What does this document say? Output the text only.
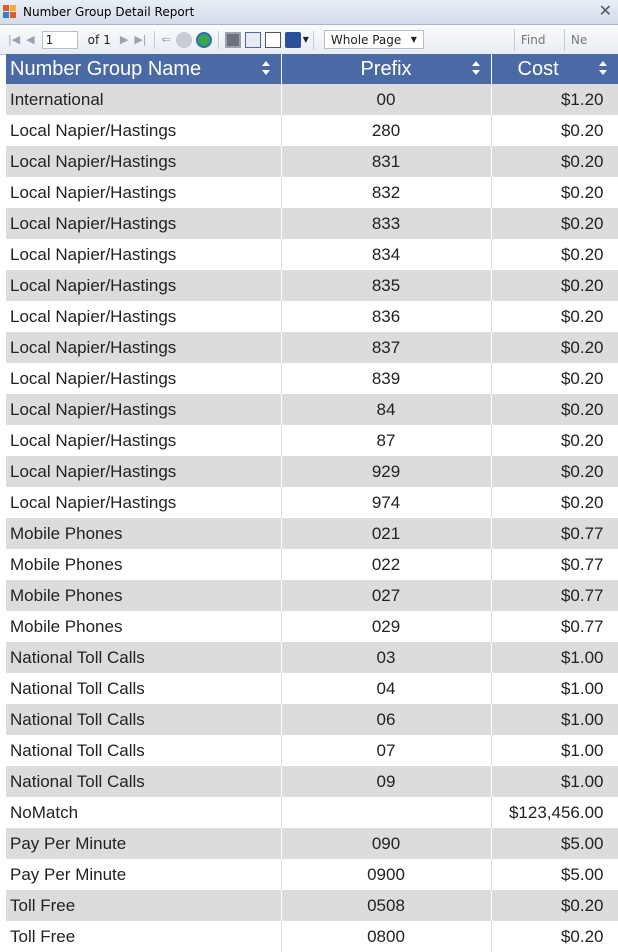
Number Group Detail Report	✕
|◀ ◀ 1	of 1 ▶ ▶| ⇐	▼ Whole Page ▼	Find	Ne
Number Group Name	Prefix	Cost

International	00	$1.20
Local Napier/Hastings	280	$0.20
Local Napier/Hastings	831	$0.20
Local Napier/Hastings	832	$0.20
Local Napier/Hastings	833	$0.20
Local Napier/Hastings	834	$0.20
Local Napier/Hastings	835	$0.20
Local Napier/Hastings	836	$0.20
Local Napier/Hastings	837	$0.20
Local Napier/Hastings	839	$0.20
Local Napier/Hastings	84	$0.20
Local Napier/Hastings	87	$0.20
Local Napier/Hastings	929	$0.20
Local Napier/Hastings	974	$0.20
Mobile Phones	021	$0.77
Mobile Phones	022	$0.77
Mobile Phones	027	$0.77
Mobile Phones	029	$0.77
National Toll Calls	03	$1.00
National Toll Calls	04	$1.00
National Toll Calls	06	$1.00
National Toll Calls	07	$1.00
National Toll Calls	09	$1.00
NoMatch		$123,456.00
Pay Per Minute	090	$5.00
Pay Per Minute	0900	$5.00
Toll Free	0508	$0.20
Toll Free	0800	$0.20
